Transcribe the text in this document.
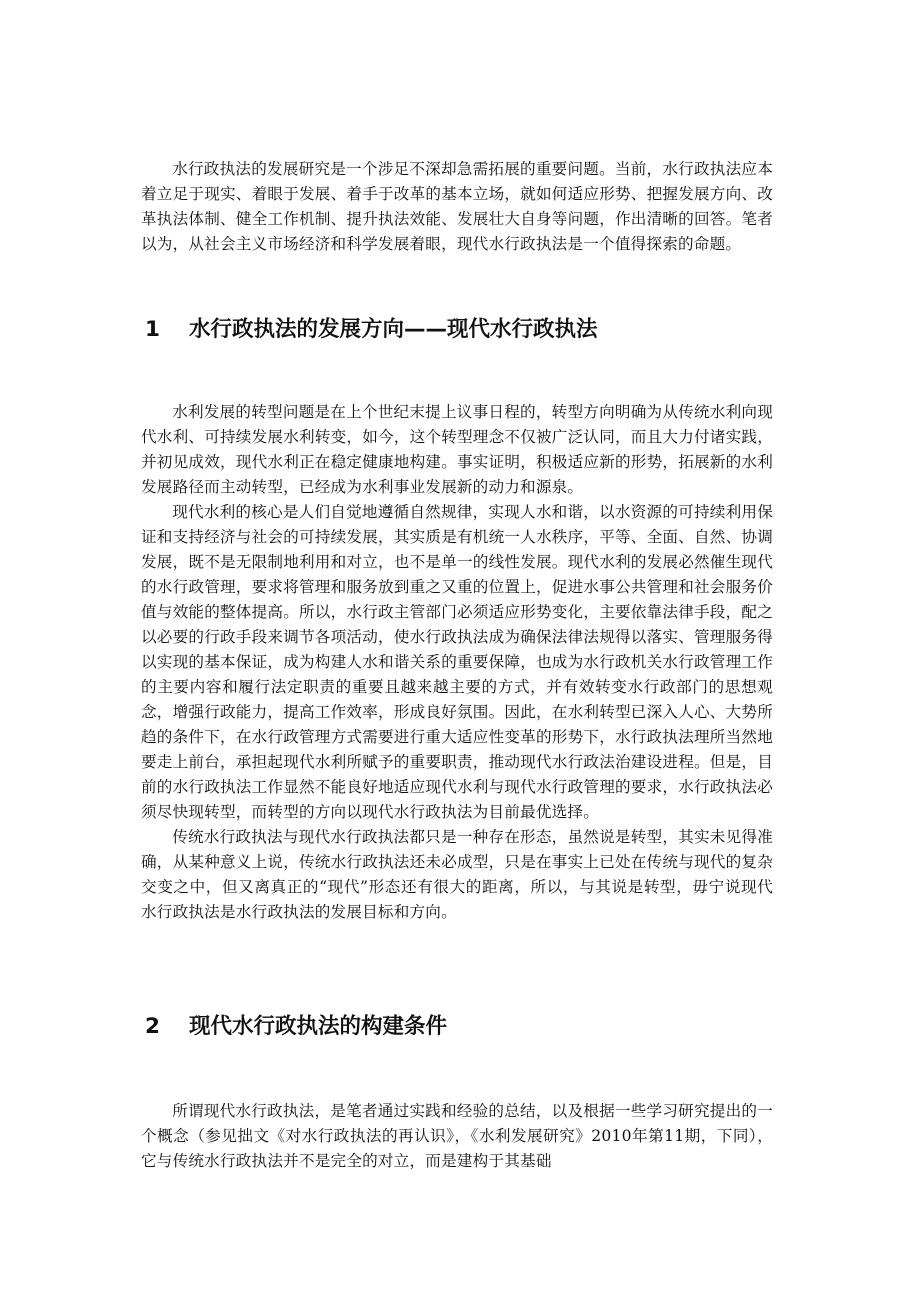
水行政执法的发展研究是一个涉足不深却急需拓展的重要问题。当前，水行政执法应本着立足于现实、着眼于发展、着手于改革的基本立场，就如何适应形势、把握发展方向、改革执法体制、健全工作机制、提升执法效能、发展壮大自身等问题，作出清晰的回答。笔者以为，从社会主义市场经济和科学发展着眼，现代水行政执法是一个值得探索的命题。

1 水行政执法的发展方向——现代水行政执法

水利发展的转型问题是在上个世纪末提上议事日程的，转型方向明确为从传统水利向现代水利、可持续发展水利转变，如今，这个转型理念不仅被广泛认同，而且大力付诸实践，并初见成效，现代水利正在稳定健康地构建。事实证明，积极适应新的形势，拓展新的水利发展路径而主动转型，已经成为水利事业发展新的动力和源泉。

现代水利的核心是人们自觉地遵循自然规律，实现人水和谐，以水资源的可持续利用保证和支持经济与社会的可持续发展，其实质是有机统一人水秩序，平等、全面、自然、协调发展，既不是无限制地利用和对立，也不是单一的线性发展。现代水利的发展必然催生现代的水行政管理，要求将管理和服务放到重之又重的位置上，促进水事公共管理和社会服务价值与效能的整体提高。所以，水行政主管部门必须适应形势变化，主要依靠法律手段，配之以必要的行政手段来调节各项活动，使水行政执法成为确保法律法规得以落实、管理服务得以实现的基本保证，成为构建人水和谐关系的重要保障，也成为水行政机关水行政管理工作的主要内容和履行法定职责的重要且越来越主要的方式，并有效转变水行政部门的思想观念，增强行政能力，提高工作效率，形成良好氛围。因此，在水利转型已深入人心、大势所趋的条件下，在水行政管理方式需要进行重大适应性变革的形势下，水行政执法理所当然地要走上前台，承担起现代水利所赋予的重要职责，推动现代水行政法治建设进程。但是，目前的水行政执法工作显然不能良好地适应现代水利与现代水行政管理的要求，水行政执法必须尽快现转型，而转型的方向以现代水行政执法为目前最优选择。

传统水行政执法与现代水行政执法都只是一种存在形态，虽然说是转型，其实未见得准确，从某种意义上说，传统水行政执法还未必成型，只是在事实上已处在传统与现代的复杂交变之中，但又离真正的“现代”形态还有很大的距离，所以，与其说是转型，毋宁说现代水行政执法是水行政执法的发展目标和方向。

2 现代水行政执法的构建条件

所谓现代水行政执法，是笔者通过实践和经验的总结，以及根据一些学习研究提出的一个概念（参见拙文《对水行政执法的再认识》，《水利发展研究》2010年第11期，下同），它与传统水行政执法并不是完全的对立，而是建构于其基础
